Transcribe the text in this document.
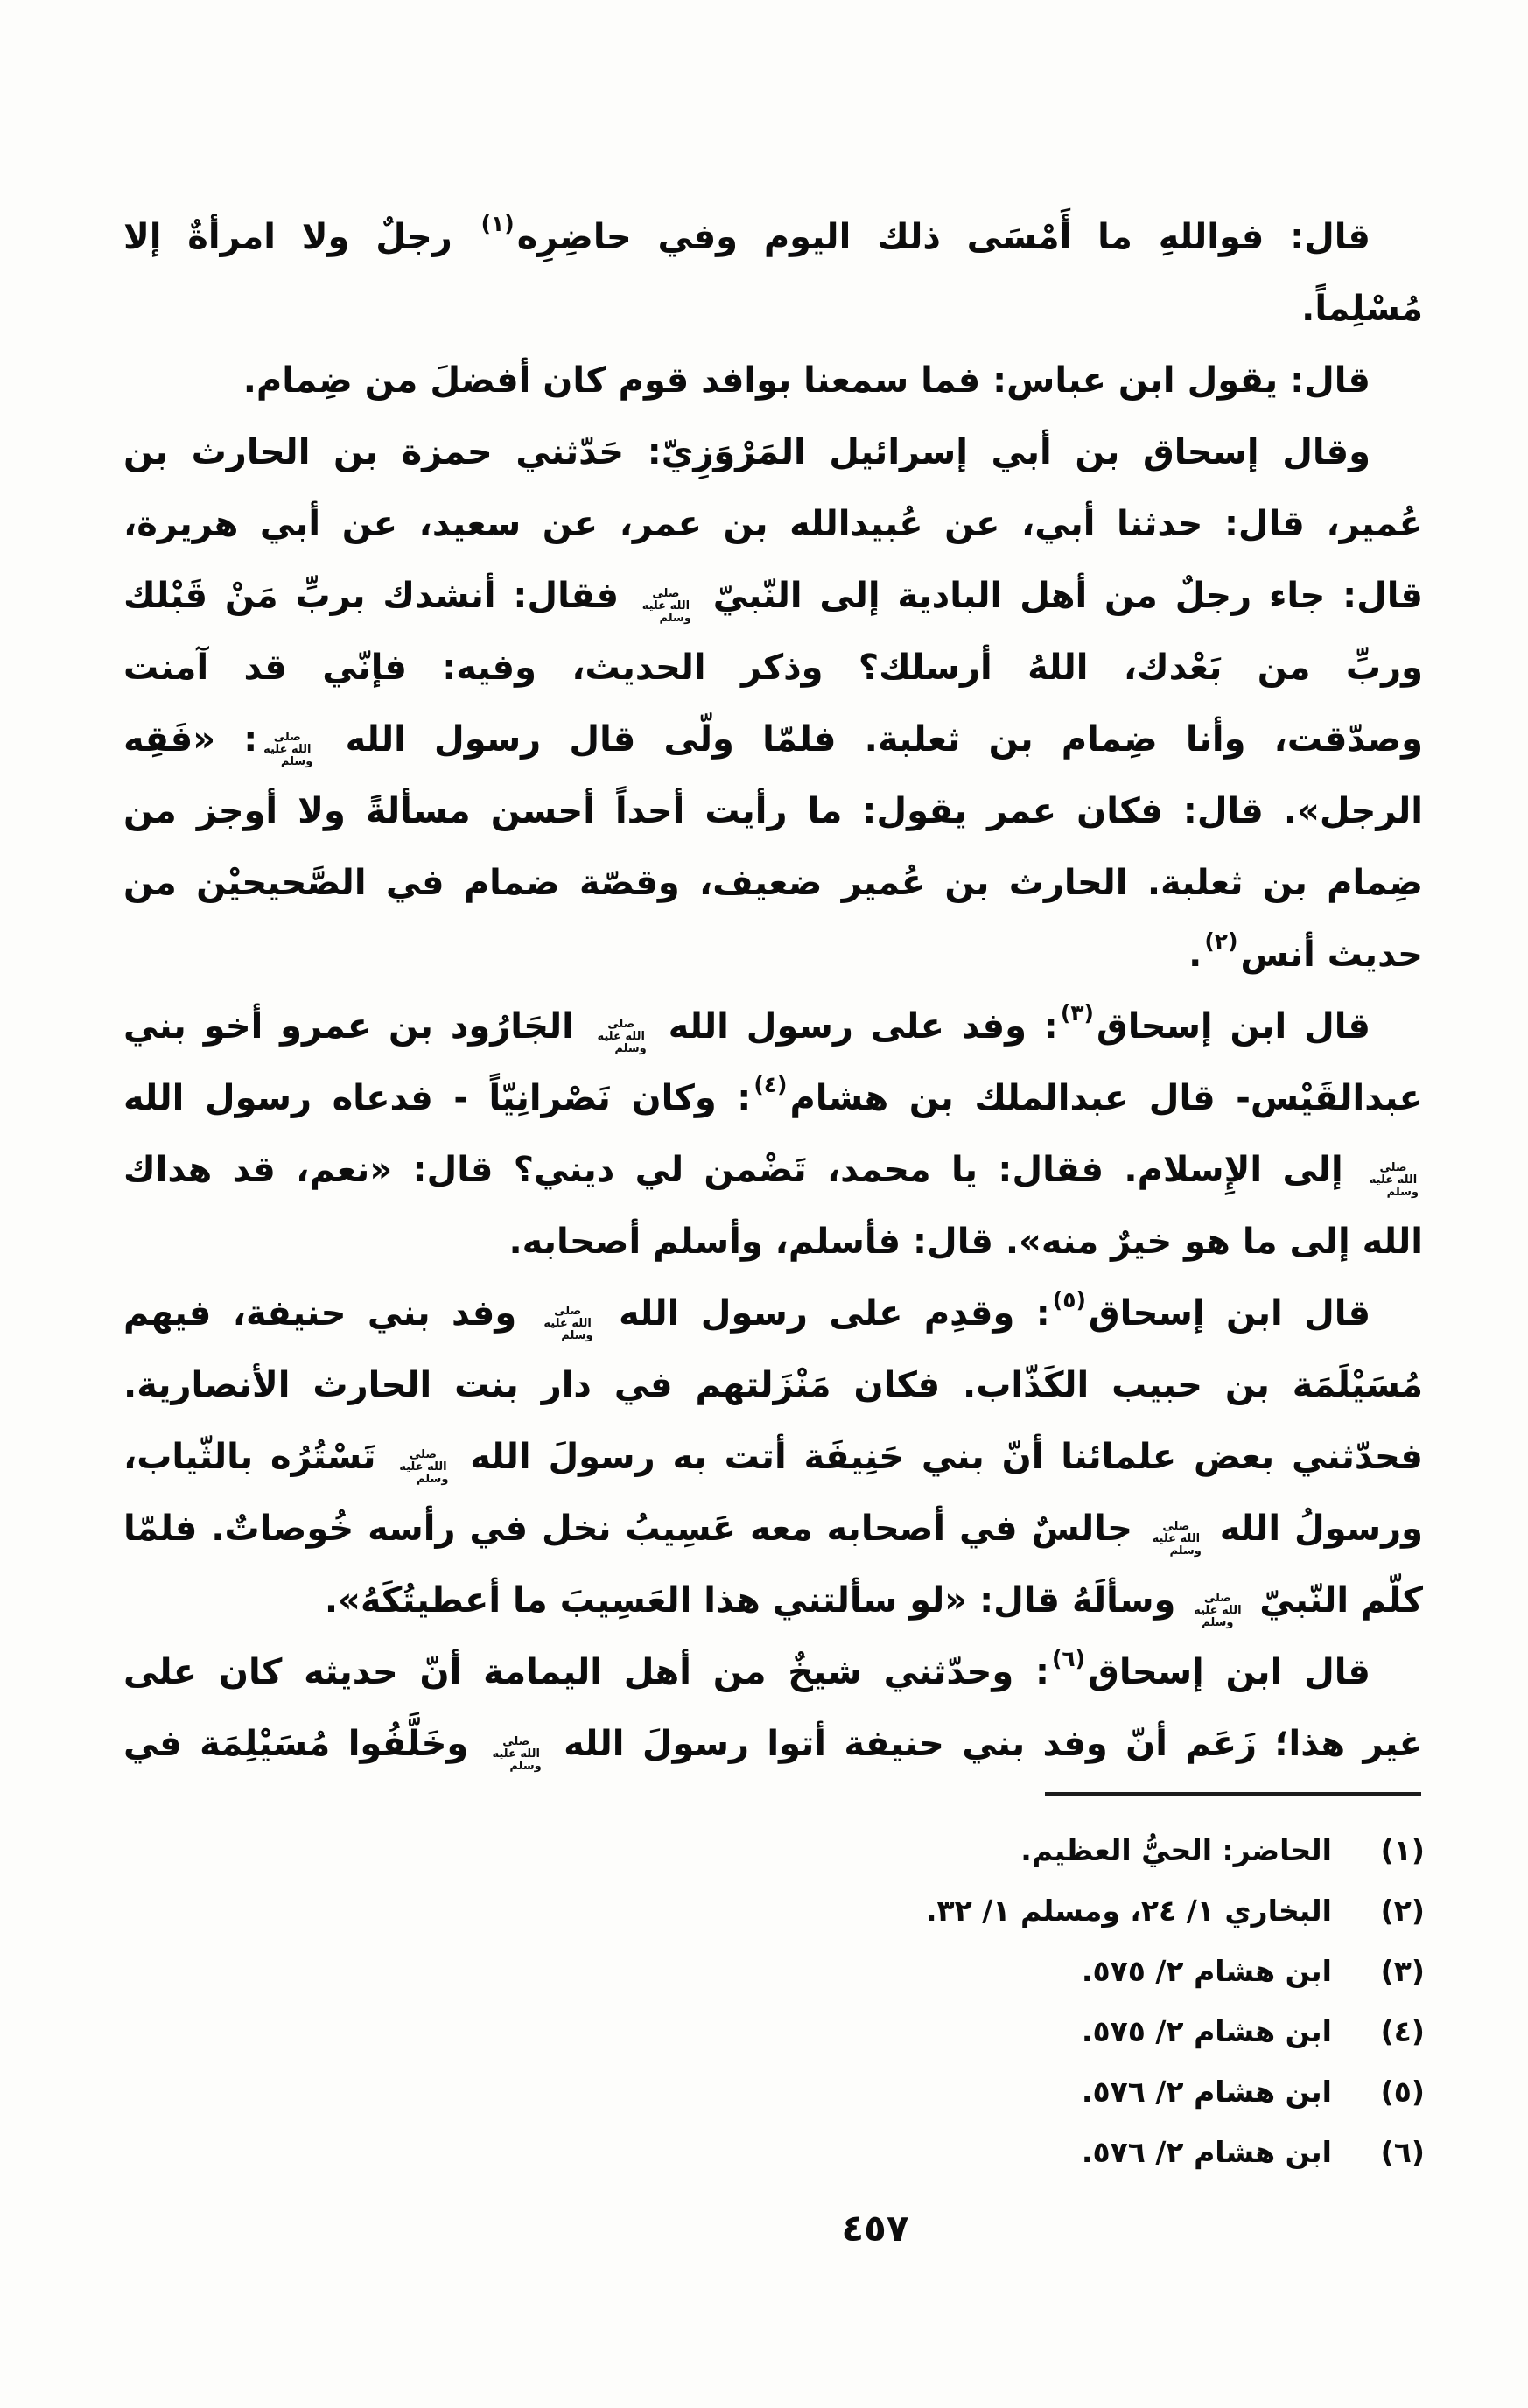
قال: فواللهِ ما أَمْسَى ذلك اليوم وفي حاضِرِه(١) رجلٌ ولا امرأةٌ إلا
مُسْلِماً.
قال: يقول ابن عباس: فما سمعنا بوافد قوم كان أفضلَ من ضِمام.
وقال إسحاق بن أبي إسرائيل المَرْوَزِيّ: حَدّثني حمزة بن الحارث بن
عُمير، قال: حدثنا أبي، عن عُبيدالله بن عمر، عن سعيد، عن أبي هريرة،
قال: جاء رجلٌ من أهل البادية إلى النّبيّ صلى الله عليه وسلم فقال: أنشدك بربِّ مَنْ قَبْلك
وربِّ من بَعْدك، اللهُ أرسلك؟ وذكر الحديث، وفيه: فإنّي قد آمنت
وصدّقت، وأنا ضِمام بن ثعلبة. فلمّا ولّى قال رسول الله صلى الله عليه وسلم: «فَقِه
الرجل». قال: فكان عمر يقول: ما رأيت أحداً أحسن مسألةً ولا أوجز من
ضِمام بن ثعلبة. الحارث بن عُمير ضعيف، وقصّة ضمام في الصَّحيحيْن من
حديث أنس(٢).
قال ابن إسحاق(٣): وفد على رسول الله صلى الله عليه وسلم الجَارُود بن عمرو أخو بني
عبدالقَيْس- قال عبدالملك بن هشام(٤): وكان نَصْرانِيّاً - فدعاه رسول الله
صلى الله عليه وسلم إلى الإِسلام. فقال: يا محمد، تَضْمن لي ديني؟ قال: «نعم، قد هداك
الله إلى ما هو خيرٌ منه». قال: فأسلم، وأسلم أصحابه.
قال ابن إسحاق(٥): وقدِم على رسول الله صلى الله عليه وسلم وفد بني حنيفة، فيهم
مُسَيْلَمَة بن حبيب الكَذّاب. فكان مَنْزَلتهم في دار بنت الحارث الأنصارية.
فحدّثني بعض علمائنا أنّ بني حَنِيفَة أتت به رسولَ الله صلى الله عليه وسلم تَسْتُرُه بالثّياب،
ورسولُ الله صلى الله عليه وسلم جالسٌ في أصحابه معه عَسِيبُ نخل في رأسه خُوصاتٌ. فلمّا
كلّم النّبيّ صلى الله عليه وسلم وسألَهُ قال: «لو سألتني هذا العَسِيبَ ما أعطيتُكَهُ».
قال ابن إسحاق(٦): وحدّثني شيخٌ من أهل اليمامة أنّ حديثه كان على
غير هذا؛ زَعَم أنّ وفد بني حنيفة أتوا رسولَ الله صلى الله عليه وسلم وخَلَّفُوا مُسَيْلِمَة في
(١)
الحاضر: الحيُّ العظيم.
(٢)
البخاري ١/ ٢٤، ومسلم ١/ ٣٢.
(٣)
ابن هشام ٢/ ٥٧٥.
(٤)
ابن هشام ٢/ ٥٧٥.
(٥)
ابن هشام ٢/ ٥٧٦.
(٦)
ابن هشام ٢/ ٥٧٦.
٤٥٧
